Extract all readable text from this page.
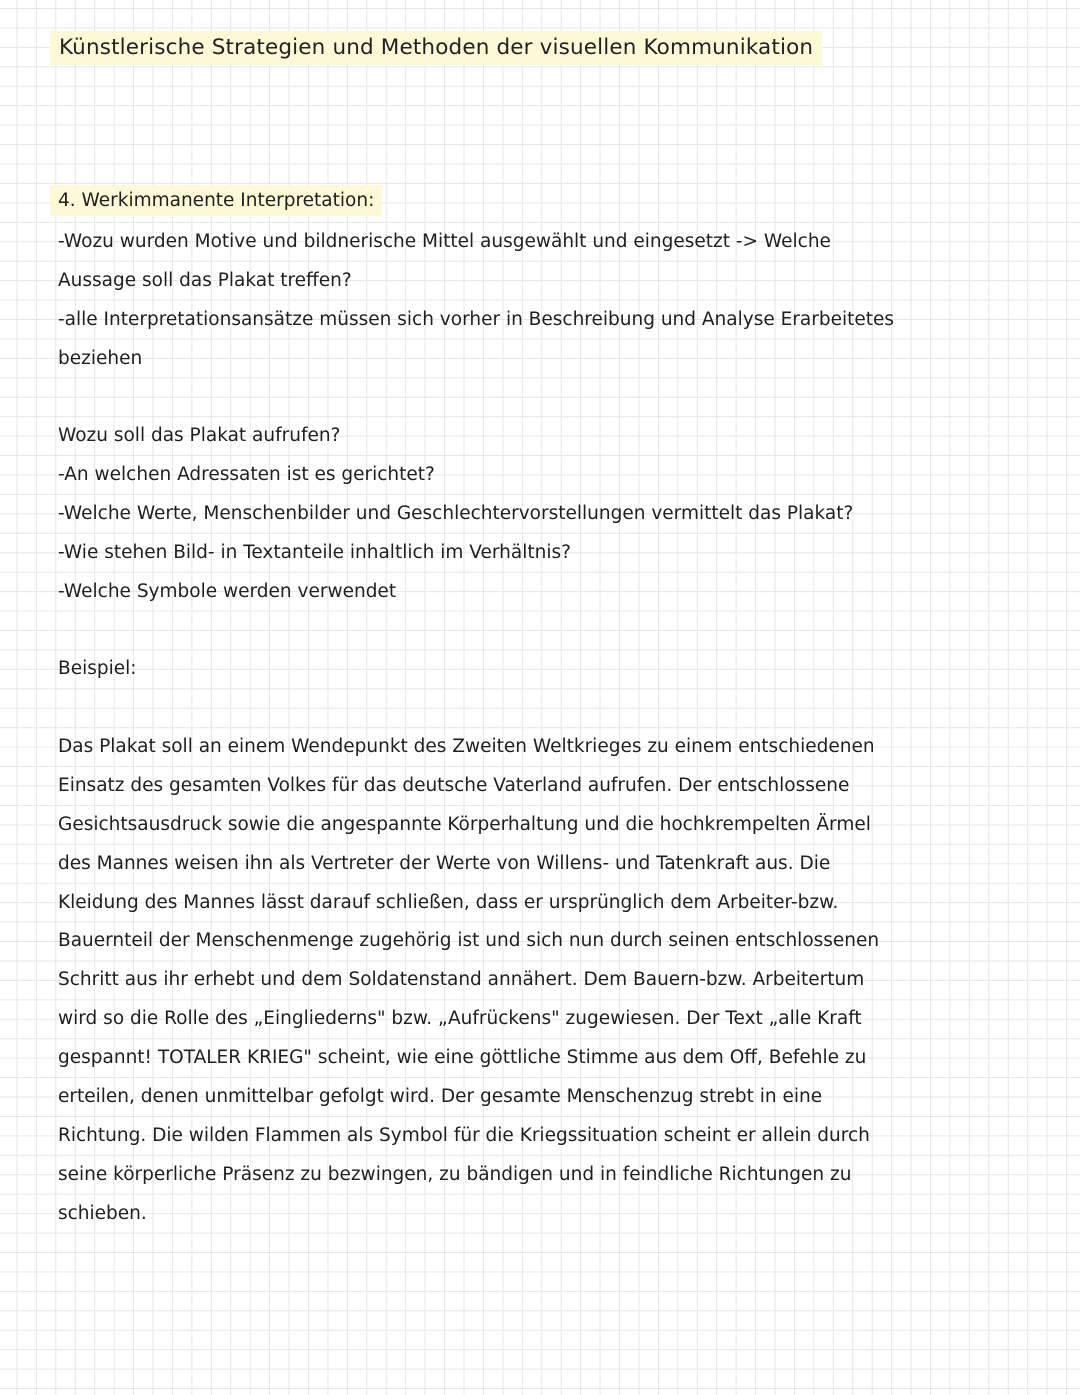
Künstlerische Strategien und Methoden der visuellen Kommunikation
4. Werkimmanente Interpretation:
-Wozu wurden Motive und bildnerische Mittel ausgewählt und eingesetzt -> Welche
Aussage soll das Plakat treffen?
-alle Interpretationsansätze müssen sich vorher in Beschreibung und Analyse Erarbeitetes
beziehen
Wozu soll das Plakat aufrufen?
-An welchen Adressaten ist es gerichtet?
-Welche Werte, Menschenbilder und Geschlechtervorstellungen vermittelt das Plakat?
-Wie stehen Bild- in Textanteile inhaltlich im Verhältnis?
-Welche Symbole werden verwendet
Beispiel:
Das Plakat soll an einem Wendepunkt des Zweiten Weltkrieges zu einem entschiedenen
Einsatz des gesamten Volkes für das deutsche Vaterland aufrufen. Der entschlossene
Gesichtsausdruck sowie die angespannte Körperhaltung und die hochkrempelten Ärmel
des Mannes weisen ihn als Vertreter der Werte von Willens- und Tatenkraft aus. Die
Kleidung des Mannes lässt darauf schließen, dass er ursprünglich dem Arbeiter-bzw.
Bauernteil der Menschenmenge zugehörig ist und sich nun durch seinen entschlossenen
Schritt aus ihr erhebt und dem Soldatenstand annähert. Dem Bauern-bzw. Arbeitertum
wird so die Rolle des „Eingliederns" bzw. „Aufrückens" zugewiesen. Der Text „alle Kraft
gespannt! TOTALER KRIEG" scheint, wie eine göttliche Stimme aus dem Off, Befehle zu
erteilen, denen unmittelbar gefolgt wird. Der gesamte Menschenzug strebt in eine
Richtung. Die wilden Flammen als Symbol für die Kriegssituation scheint er allein durch
seine körperliche Präsenz zu bezwingen, zu bändigen und in feindliche Richtungen zu
schieben.
